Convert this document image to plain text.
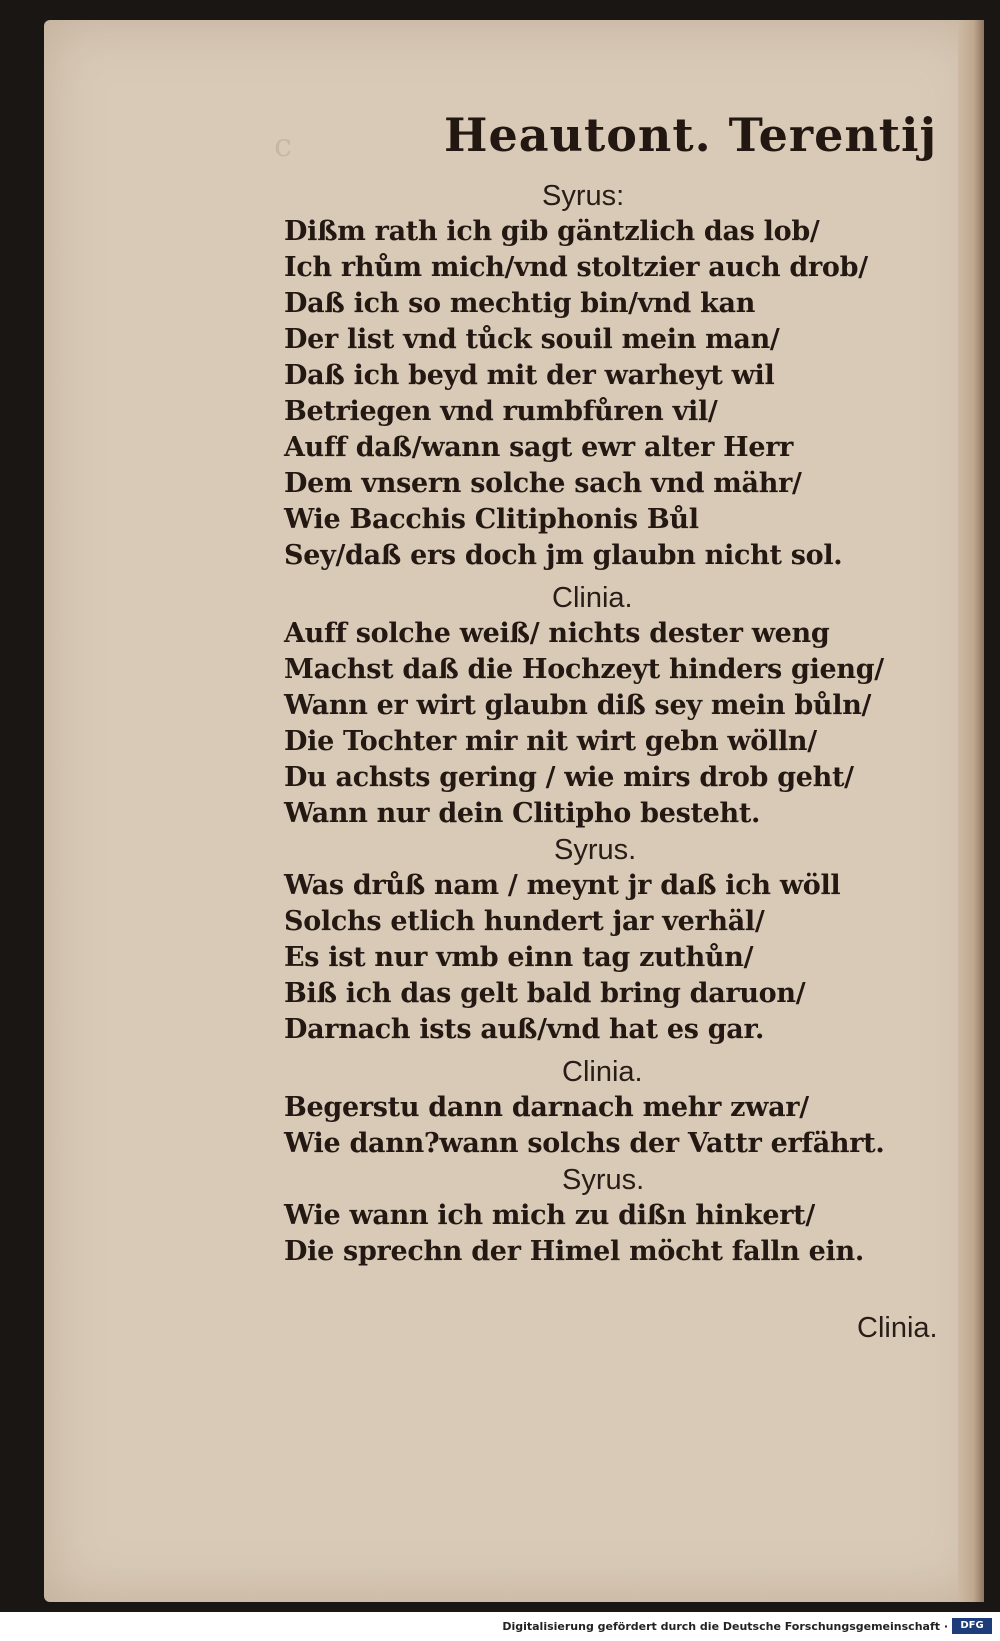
c	Heautont. Terentij
Syrus:
Dißm rath ich gib gäntzlich das lob/
Ich rhům mich/vnd stoltzier auch drob/
Daß ich so mechtig bin/vnd kan
Der list vnd tůck souil mein man/
Daß ich beyd mit der warheyt wil
Betriegen vnd rumbfůren vil/
Auff daß/wann sagt ewr alter Herr
Dem vnsern solche sach vnd mähr/
Wie Bacchis Clitiphonis Bůl
Sey/daß ers doch jm glaubn nicht sol.
Clinia.
Auff solche weiß/ nichts dester weng
Machst daß die Hochzeyt hinders gieng/
Wann er wirt glaubn diß sey mein bůln/
Die Tochter mir nit wirt gebn wölln/
Du achsts gering / wie mirs drob geht/
Wann nur dein Clitipho besteht.
Syrus.
Was drůß nam / meynt jr daß ich wöll
Solchs etlich hundert jar verhäl/
Es ist nur vmb einn tag zuthůn/
Biß ich das gelt bald bring daruon/
Darnach ists auß/vnd hat es gar.
Clinia.
Begerstu dann darnach mehr zwar/
Wie dann?wann solchs der Vattr erfährt.
Syrus.
Wie wann ich mich zu dißn hinkert/
Die sprechn der Himel möcht falln ein.
Clinia.
Digitalisierung gefördert durch die Deutsche Forschungsgemeinschaft ·	DFG
